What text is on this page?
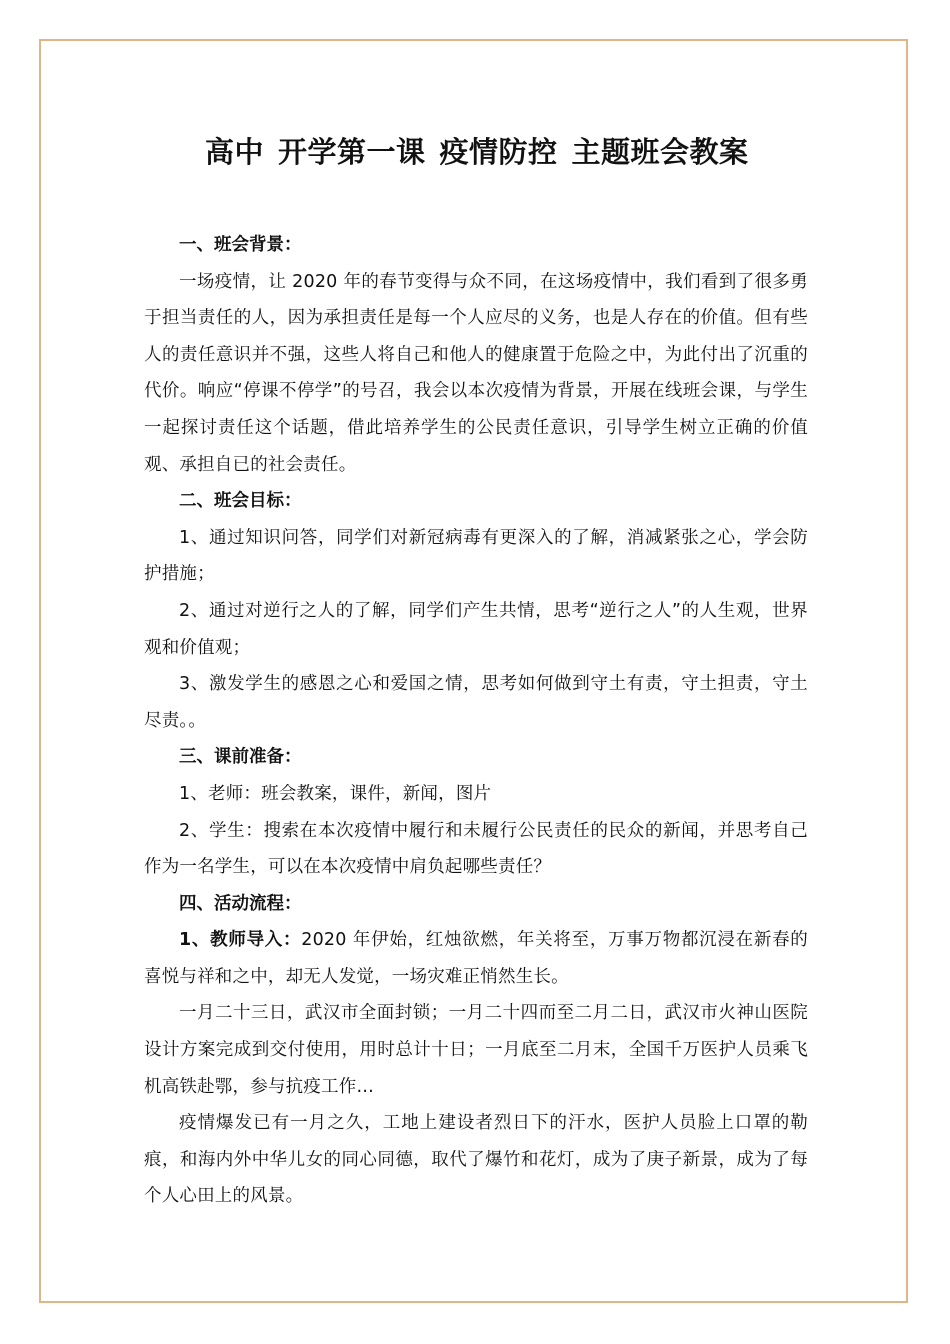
高中 开学第一课 疫情防控 主题班会教案

一、班会背景：

一场疫情，让 2020 年的春节变得与众不同，在这场疫情中，我们看到了很多勇于担当责任的人，因为承担责任是每一个人应尽的义务，也是人存在的价值。但有些人的责任意识并不强，这些人将自己和他人的健康置于危险之中，为此付出了沉重的代价。响应“停课不停学”的号召，我会以本次疫情为背景，开展在线班会课，与学生一起探讨责任这个话题，借此培养学生的公民责任意识，引导学生树立正确的价值观、承担自已的社会责任。

二、班会目标：

1、通过知识问答，同学们对新冠病毒有更深入的了解，消减紧张之心，学会防护措施；

2、通过对逆行之人的了解，同学们产生共情，思考“逆行之人”的人生观，世界观和价值观；

3、激发学生的感恩之心和爱国之情，思考如何做到守土有责，守土担责，守土尽责。。

三、课前准备：

1、老师：班会教案，课件，新闻，图片

2、学生：搜索在本次疫情中履行和未履行公民责任的民众的新闻，并思考自己作为一名学生，可以在本次疫情中肩负起哪些责任？

四、活动流程：

1、教师导入：2020 年伊始，红烛欲燃，年关将至，万事万物都沉浸在新春的喜悦与祥和之中，却无人发觉，一场灾难正悄然生长。

一月二十三日，武汉市全面封锁；一月二十四而至二月二日，武汉市火神山医院设计方案完成到交付使用，用时总计十日；一月底至二月末，全国千万医护人员乘飞机高铁赴鄂，参与抗疫工作…

疫情爆发已有一月之久，工地上建设者烈日下的汗水，医护人员脸上口罩的勒痕，和海内外中华儿女的同心同德，取代了爆竹和花灯，成为了庚子新景，成为了每个人心田上的风景。
